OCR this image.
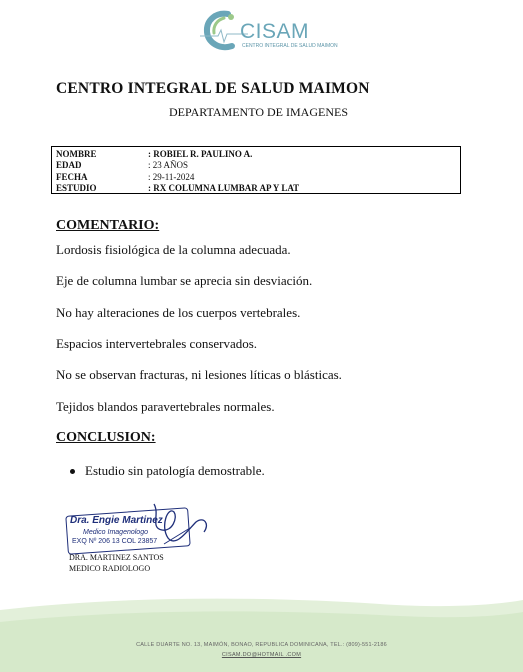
CISAM
CENTRO INTEGRAL DE SALUD MAIMON
CENTRO INTEGRAL DE SALUD MAIMON
DEPARTAMENTO DE IMAGENES
NOMBRE	: ROBIEL R. PAULINO A.
EDAD	: 23 AÑOS
FECHA	: 29-11-2024
ESTUDIO	: RX COLUMNA LUMBAR AP Y LAT
COMENTARIO:
Lordosis fisiológica de la columna adecuada.
Eje de columna lumbar se aprecia sin desviación.
No hay alteraciones de los cuerpos vertebrales.
Espacios intervertebrales conservados.
No se observan fracturas, ni lesiones líticas o blásticas.
Tejidos blandos paravertebrales normales.
CONCLUSION:
Estudio sin patología demostrable.
Dra. Engie Martinez
Medico Imagenologo
EXQ Nº 206 13 COL 23857
DRA. MARTINEZ SANTOS
MEDICO RADIOLOGO
CALLE DUARTE NO. 13, MAIMÓN, BONAO, REPUBLICA DOMINICANA, TEL.: (809)-551-2186
CISAM.DO@HOTMAIL .COM
